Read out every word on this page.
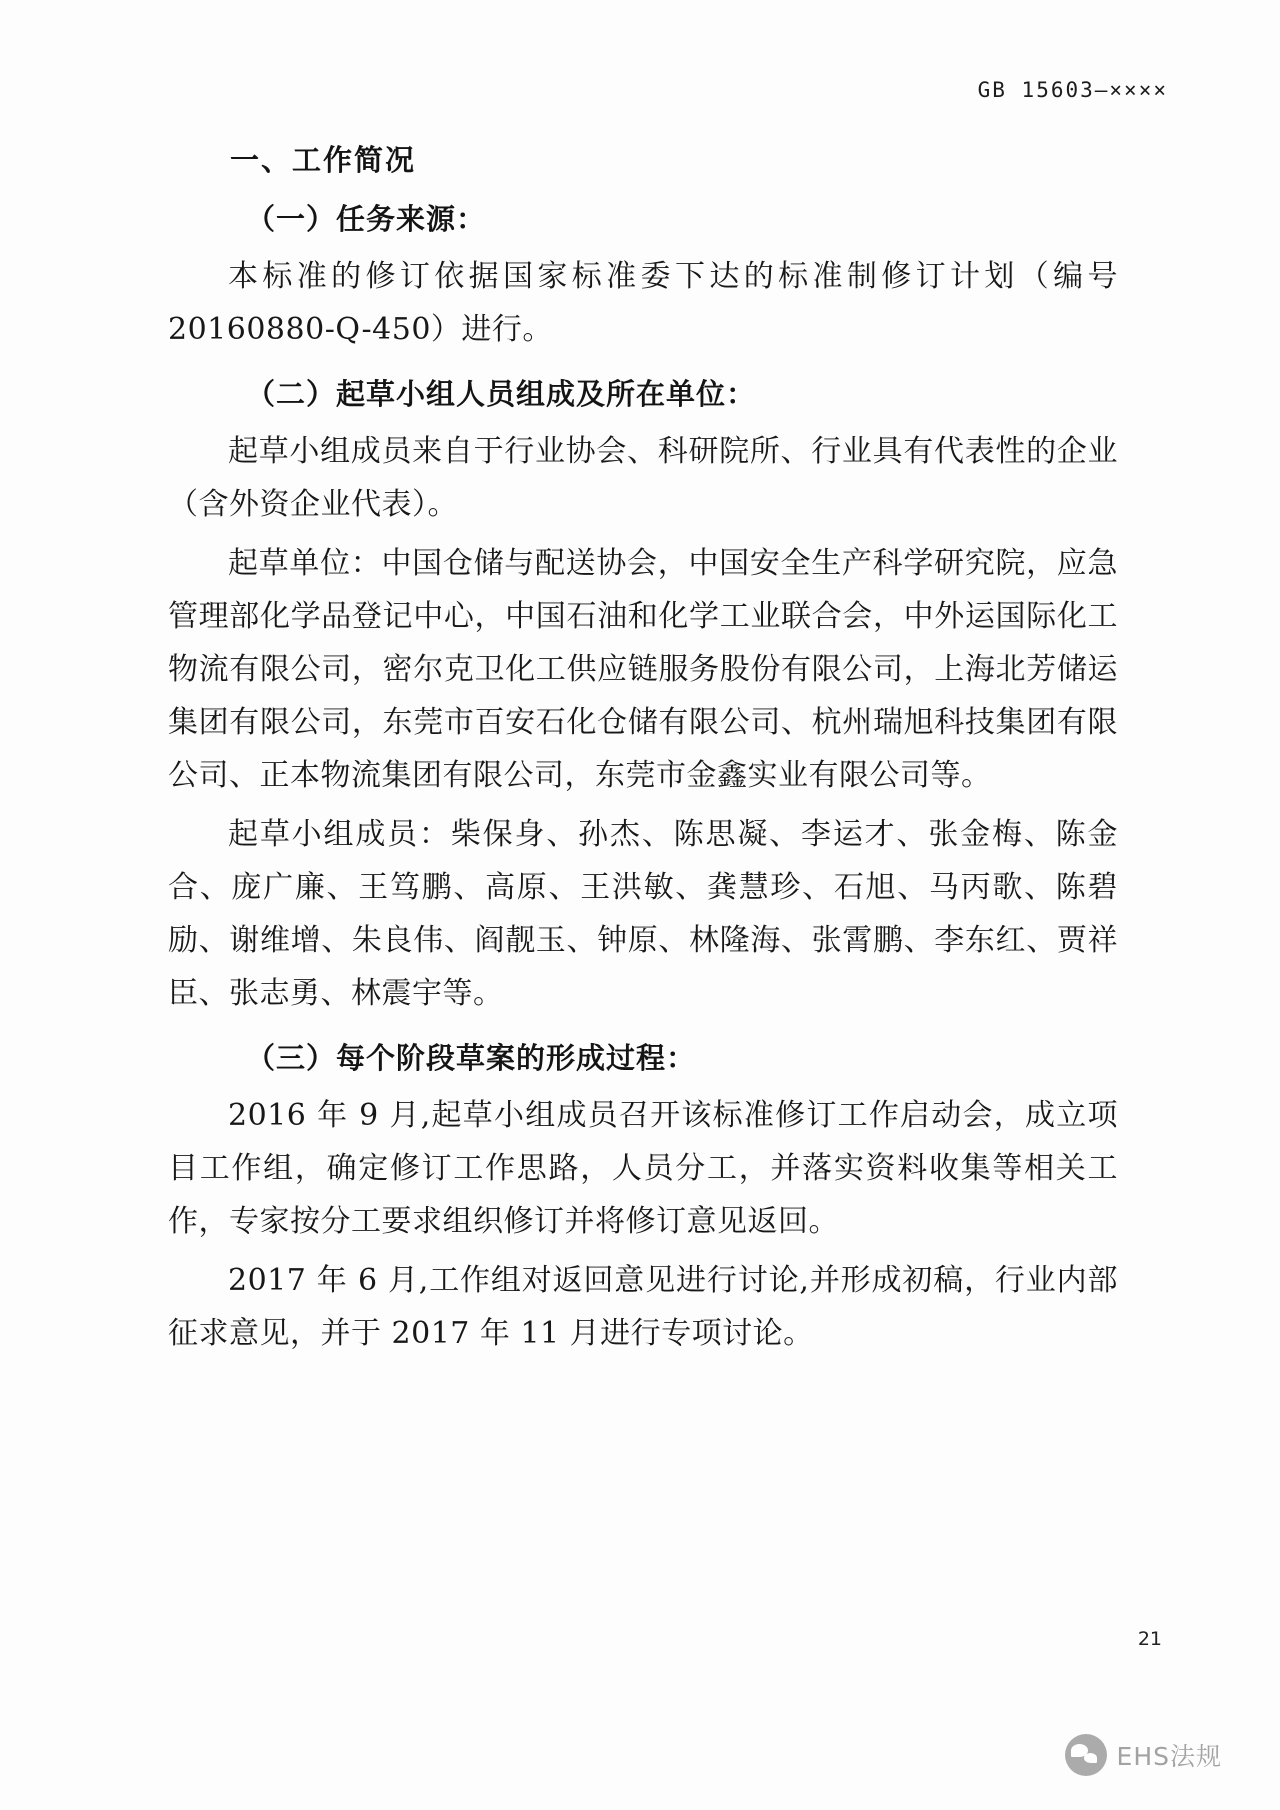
GB 15603—××××
一、工作简况
（一）任务来源：

本标准的修订依据国家标准委下达的标准制修订计划（编号 20160880-Q-450）进行。

（二）起草小组人员组成及所在单位：

起草小组成员来自于行业协会、科研院所、行业具有代表性的企业（含外资企业代表）。

起草单位：中国仓储与配送协会，中国安全生产科学研究院，应急管理部化学品登记中心，中国石油和化学工业联合会，中外运国际化工物流有限公司，密尔克卫化工供应链服务股份有限公司，上海北芳储运集团有限公司，东莞市百安石化仓储有限公司、杭州瑞旭科技集团有限公司、正本物流集团有限公司，东莞市金鑫实业有限公司等。

起草小组成员：柴保身、孙杰、陈思凝、李运才、张金梅、陈金合、庞广廉、王笃鹏、高原、王洪敏、龚慧珍、石旭、马丙歌、陈碧励、谢维增、朱良伟、阎靓玉、钟原、林隆海、张霄鹏、李东红、贾祥臣、张志勇、林震宇等。

（三）每个阶段草案的形成过程：

2016 年 9 月,起草小组成员召开该标准修订工作启动会，成立项目工作组，确定修订工作思路，人员分工，并落实资料收集等相关工作，专家按分工要求组织修订并将修订意见返回。

2017 年 6 月,工作组对返回意见进行讨论,并形成初稿，行业内部征求意见，并于 2017 年 11 月进行专项讨论。

21
EHS法规
